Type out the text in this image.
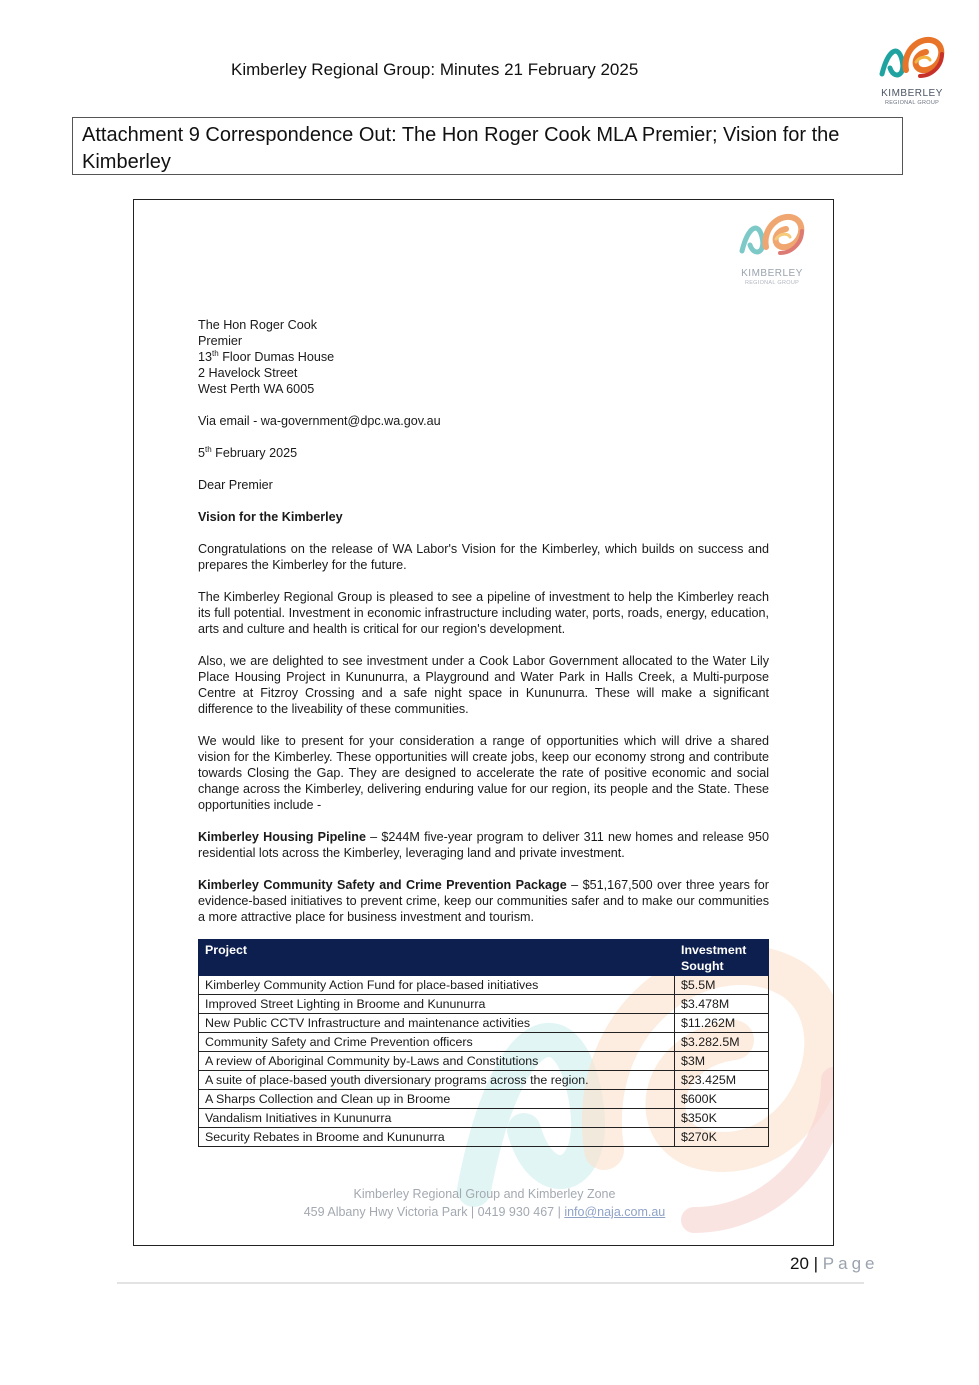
Kimberley Regional Group: Minutes 21 February 2025
KIMBERLEY
REGIONAL GROUP
Attachment 9 Correspondence Out: The Hon Roger Cook MLA Premier; Vision for the
Kimberley
KIMBERLEY
REGIONAL GROUP
The Hon Roger Cook
Premier
13th Floor Dumas House
2 Havelock Street
West Perth WA 6005
Via email - wa-government@dpc.wa.gov.au
5th February 2025
Dear Premier
Vision for the Kimberley

Congratulations on the release of WA Labor's Vision for the Kimberley, which builds on success and prepares the Kimberley for the future.

The Kimberley Regional Group is pleased to see a pipeline of investment to help the Kimberley reach its full potential. Investment in economic infrastructure including water, ports, roads, energy, education, arts and culture and health is critical for our region's development.

Also, we are delighted to see investment under a Cook Labor Government allocated to the Water Lily Place Housing Project in Kununurra, a Playground and Water Park in Halls Creek, a Multi-purpose Centre at Fitzroy Crossing and a safe night space in Kununurra. These will make a significant difference to the liveability of these communities.

We would like to present for your consideration a range of opportunities which will drive a shared vision for the Kimberley. These opportunities will create jobs, keep our economy strong and contribute towards Closing the Gap. They are designed to accelerate the rate of positive economic and social change across the Kimberley, delivering enduring value for our region, its people and the State. These opportunities include -

Kimberley Housing Pipeline – $244M five-year program to deliver 311 new homes and release 950 residential lots across the Kimberley, leveraging land and private investment.

Kimberley Community Safety and Crime Prevention Package – $51,167,500 over three years for evidence-based initiatives to prevent crime, keep our communities safer and to make our communities a more attractive place for business investment and tourism.

Project	Investment Sought
Kimberley Community Action Fund for place-based initiatives	$5.5M
Improved Street Lighting in Broome and Kununurra	$3.478M
New Public CCTV Infrastructure and maintenance activities	$11.262M
Community Safety and Crime Prevention officers	$3.282.5M
A review of Aboriginal Community by-Laws and Constitutions	$3M
A suite of place-based youth diversionary programs across the region.	$23.425M
A Sharps Collection and Clean up in Broome	$600K
Vandalism Initiatives in Kununurra	$350K
Security Rebates in Broome and Kununurra	$270K
Kimberley Regional Group and Kimberley Zone
459 Albany Hwy Victoria Park | 0419 930 467 | info@naja.com.au
20 | Page
